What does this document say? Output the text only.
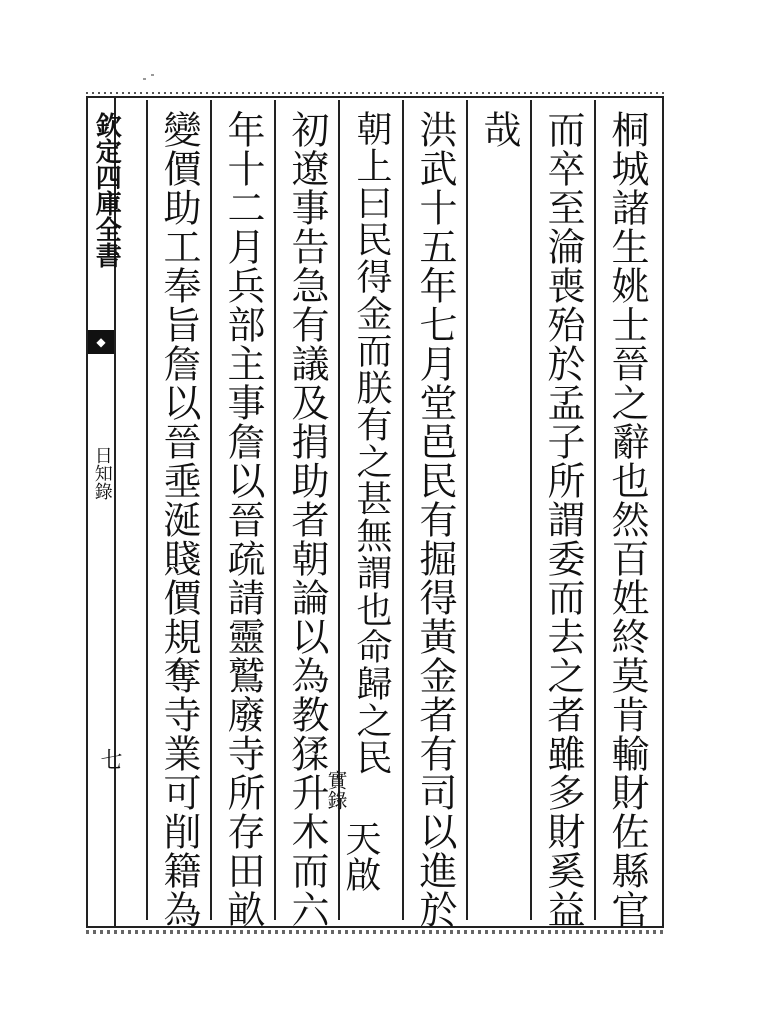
欽定四庫全書
◆
日知錄
七	桐城諸生姚士晉之辭也然百姓終莫肯輸財佐縣官
而卒至淪喪殆於孟子所謂委而去之者雖多財奚益
哉
洪武十五年七月堂邑民有掘得黃金者有司以進於
朝上曰民得金而朕有之甚無謂也命歸之民
實錄
天啟
初遼事告急有議及捐助者朝論以為教猱升木而六
年十二月兵部主事詹以晉疏請靈鷲廢寺所存田畝
變價助工奉旨詹以晉埀涎賤價規奪寺業可削籍為
